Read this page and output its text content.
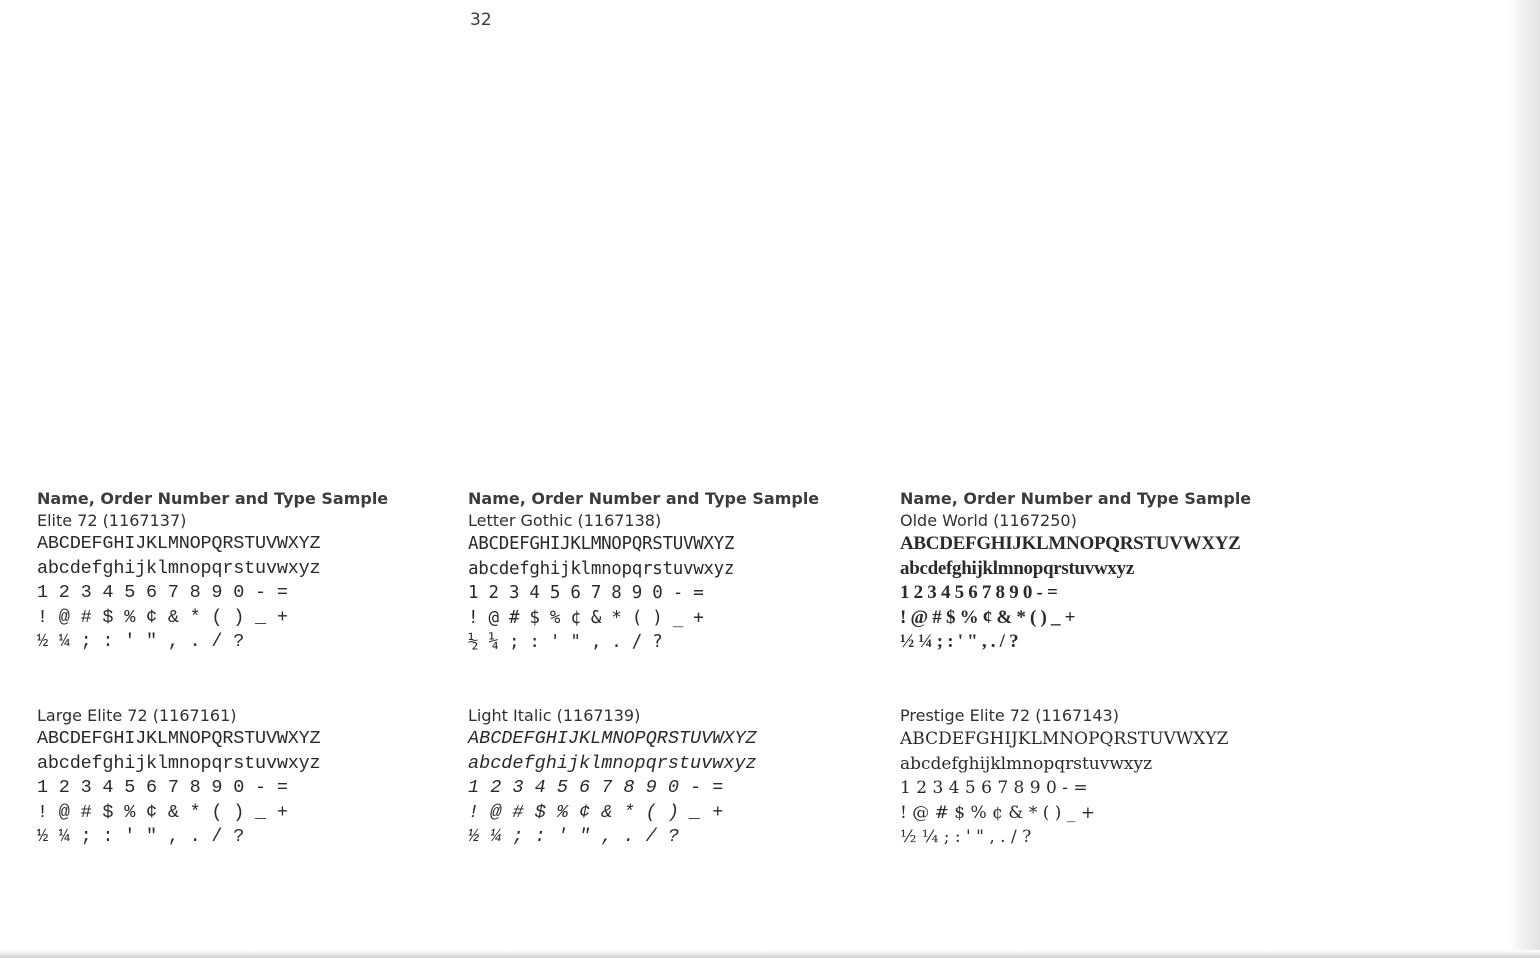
32
Name, Order Number and Type Sample
Elite 72 (1167137)
ABCDEFGHIJKLMNOPQRSTUVWXYZ
abcdefghijklmnopqrstuvwxyz
1 2 3 4 5 6 7 8 9 0 - =
! @ # $ % ¢ & * ( ) _ +
½ ¼ ; : ' " , . / ?
Name, Order Number and Type Sample
Letter Gothic (1167138)
ABCDEFGHIJKLMNOPQRSTUVWXYZ
abcdefghijklmnopqrstuvwxyz
1 2 3 4 5 6 7 8 9 0 - =
! @ # $ % ¢ & * ( ) _ +
½ ¼ ; : ' " , . / ?
Name, Order Number and Type Sample
Olde World (1167250)
ABCDEFGHIJKLMNOPQRSTUVWXYZ
abcdefghijklmnopqrstuvwxyz
1 2 3 4 5 6 7 8 9 0 - =
! @ # $ % ¢ & * ( ) _ +
½ ¼ ; : ' " , . / ?
Large Elite 72 (1167161)
ABCDEFGHIJKLMNOPQRSTUVWXYZ
abcdefghijklmnopqrstuvwxyz
1 2 3 4 5 6 7 8 9 0 - =
! @ # $ % ¢ & * ( ) _ +
½ ¼ ; : ' " , . / ?
Light Italic (1167139)
ABCDEFGHIJKLMNOPQRSTUVWXYZ
abcdefghijklmnopqrstuvwxyz
1 2 3 4 5 6 7 8 9 0 - =
! @ # $ % ¢ & * ( ) _ +
½ ¼ ; : ' " , . / ?
Prestige Elite 72 (1167143)
ABCDEFGHIJKLMNOPQRSTUVWXYZ
abcdefghijklmnopqrstuvwxyz
1 2 3 4 5 6 7 8 9 0 - =
! @ # $ % ¢ & * ( ) _ +
½ ¼ ; : ' " , . / ?
